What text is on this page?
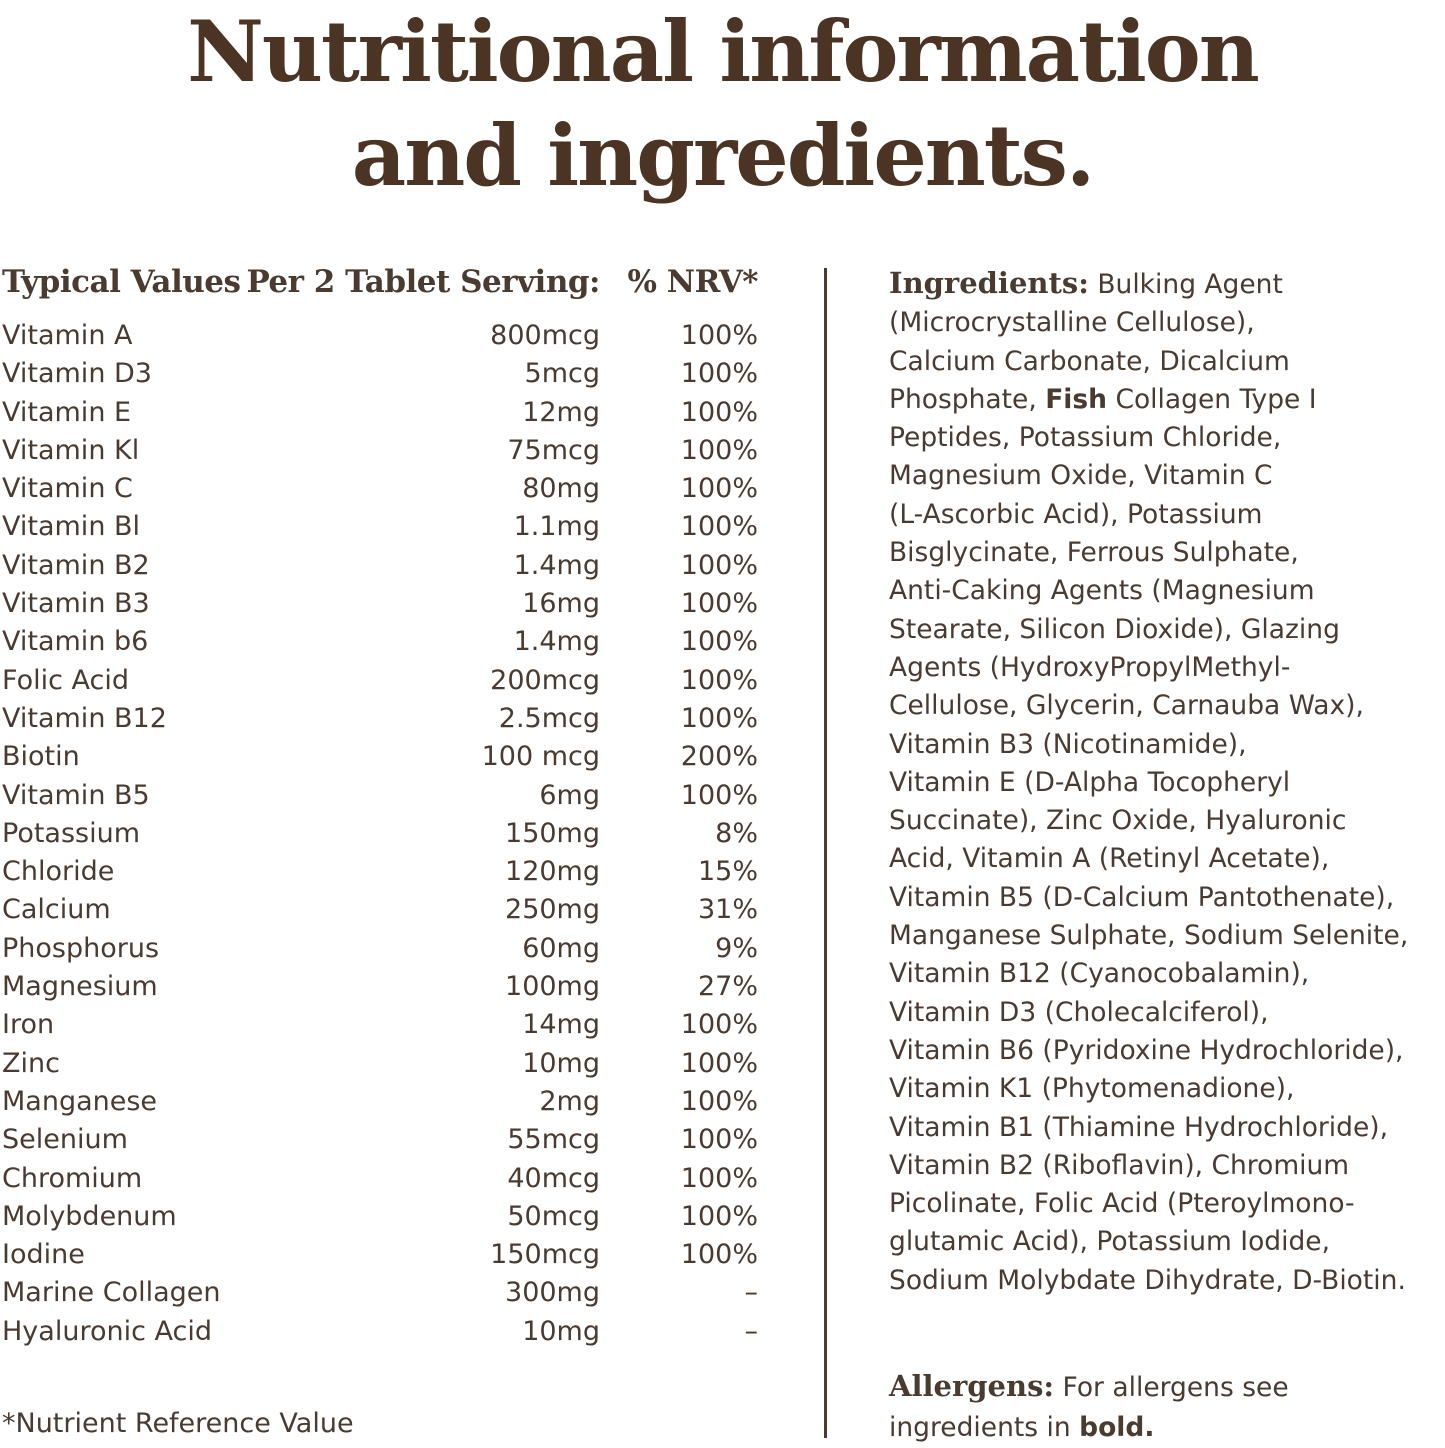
Nutritional information
and ingredients.
Typical Values Per 2 Tablet Serving: % NRV*
Vitamin A	800mcg	100%
Vitamin D3	5mcg	100%
Vitamin E	12mg	100%
Vitamin Kl	75mcg	100%
Vitamin C	80mg	100%
Vitamin Bl	1.1mg	100%
Vitamin B2	1.4mg	100%
Vitamin B3	16mg	100%
Vitamin b6	1.4mg	100%
Folic Acid	200mcg	100%
Vitamin B12	2.5mcg	100%
Biotin	100 mcg	200%
Vitamin B5	6mg	100%
Potassium	150mg	8%
Chloride	120mg	15%
Calcium	250mg	31%
Phosphorus	60mg	9%
Magnesium	100mg	27%
Iron	14mg	100%
Zinc	10mg	100%
Manganese	2mg	100%
Selenium	55mcg	100%
Chromium	40mcg	100%
Molybdenum	50mcg	100%
Iodine	150mcg	100%
Marine Collagen	300mg	–
Hyaluronic Acid	10mg	–
*Nutrient Reference Value
Ingredients: Bulking Agent
(Microcrystalline Cellulose),
Calcium Carbonate, Dicalcium
Phosphate, Fish Collagen Type I
Peptides, Potassium Chloride,
Magnesium Oxide, Vitamin C
(L-Ascorbic Acid), Potassium
Bisglycinate, Ferrous Sulphate,
Anti-Caking Agents (Magnesium
Stearate, Silicon Dioxide), Glazing
Agents (HydroxyPropylMethyl-
Cellulose, Glycerin, Carnauba Wax),
Vitamin B3 (Nicotinamide),
Vitamin E (D-Alpha Tocopheryl
Succinate), Zinc Oxide, Hyaluronic
Acid, Vitamin A (Retinyl Acetate),
Vitamin B5 (D-Calcium Pantothenate),
Manganese Sulphate, Sodium Selenite,
Vitamin B12 (Cyanocobalamin),
Vitamin D3 (Cholecalciferol),
Vitamin B6 (Pyridoxine Hydrochloride),
Vitamin K1 (Phytomenadione),
Vitamin B1 (Thiamine Hydrochloride),
Vitamin B2 (Riboflavin), Chromium
Picolinate, Folic Acid (Pteroylmono-
glutamic Acid), Potassium Iodide,
Sodium Molybdate Dihydrate, D-Biotin.
Allergens: For allergens see
ingredients in bold.
